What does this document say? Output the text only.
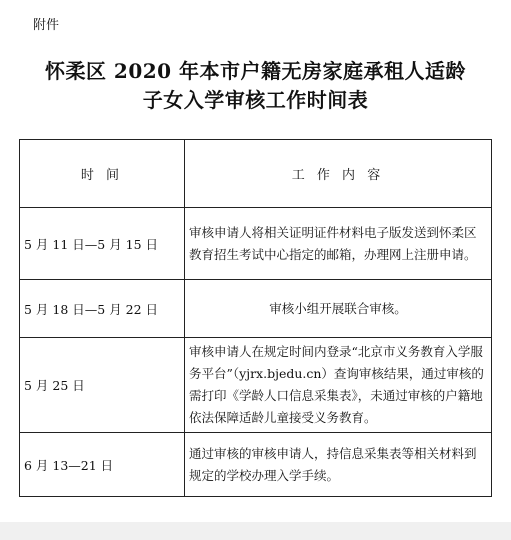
附件
怀柔区 2020 年本市户籍无房家庭承租人适龄
子女入学审核工作时间表
时 间	工 作 内 容
5 月 11 日—5 月 15 日	审核申请人将相关证明证件材料电子版发送到怀柔区教育招生考试中心指定的邮箱，办理网上注册申请。
5 月 18 日—5 月 22 日	审核小组开展联合审核。
5 月 25 日	审核申请人在规定时间内登录“北京市义务教育入学服务平台”（yjrx.bjedu.cn）查询审核结果，通过审核的需打印《学龄人口信息采集表》，未通过审核的户籍地依法保障适龄儿童接受义务教育。
6 月 13—21 日	通过审核的审核申请人，持信息采集表等相关材料到规定的学校办理入学手续。
